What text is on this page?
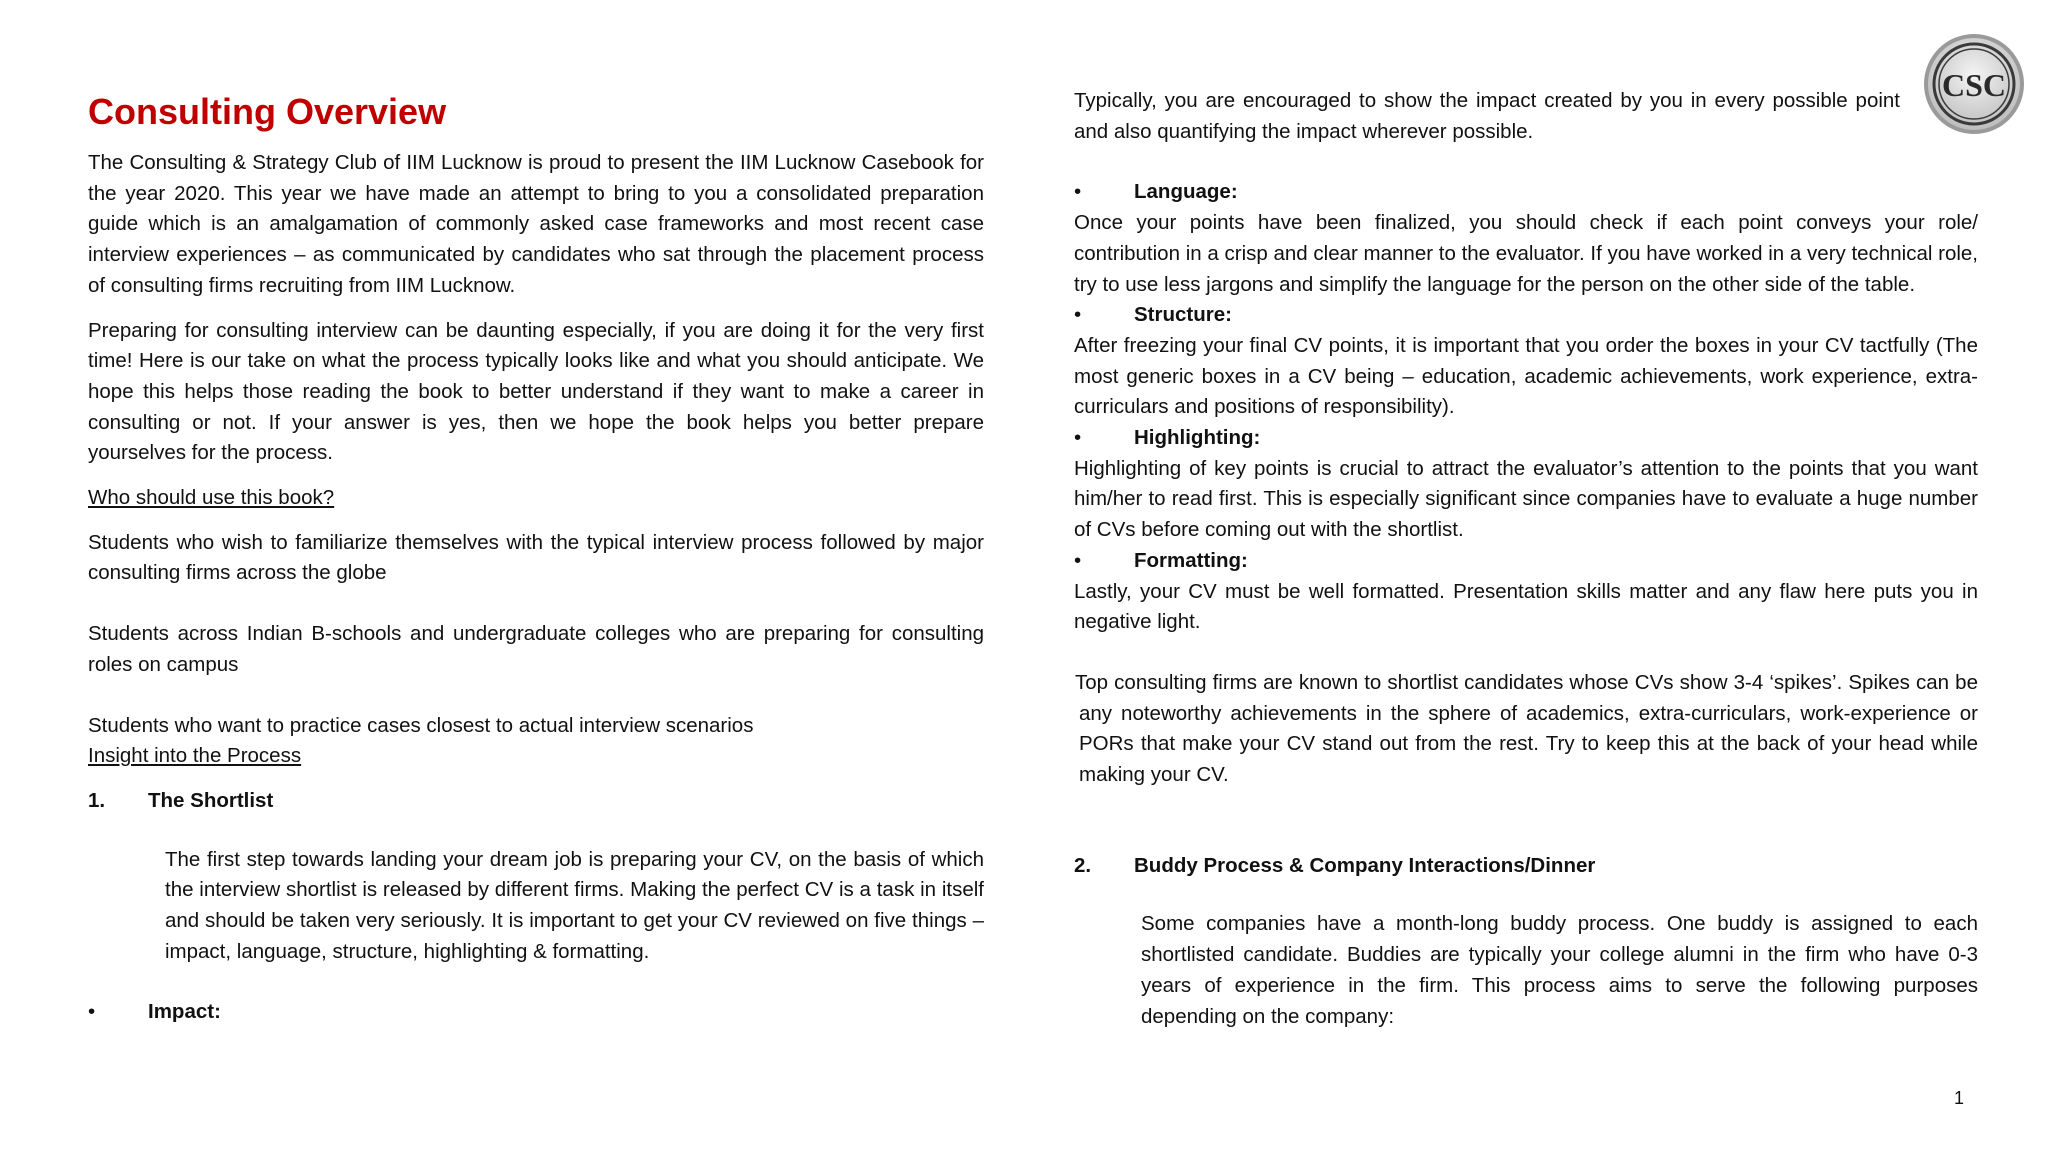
Consulting Overview

The Consulting & Strategy Club of IIM Lucknow is proud to present the IIM Lucknow Casebook for the year 2020. This year we have made an attempt to bring to you a consolidated preparation guide which is an amalgamation of commonly asked case frameworks and most recent case interview experiences – as communicated by candidates who sat through the placement process of consulting firms recruiting from IIM Lucknow.

Preparing for consulting interview can be daunting especially, if you are doing it for the very first time! Here is our take on what the process typically looks like and what you should anticipate. We hope this helps those reading the book to better understand if they want to make a career in consulting or not. If your answer is yes, then we hope the book helps you better prepare yourselves for the process.

Who should use this book?

Students who wish to familiarize themselves with the typical interview process followed by major consulting firms across the globe

Students across Indian B-schools and undergraduate colleges who are preparing for consulting roles on campus

Students who want to practice cases closest to actual interview scenarios

Insight into the Process

1.	The Shortlist

The first step towards landing your dream job is preparing your CV, on the basis of which the interview shortlist is released by different firms. Making the perfect CV is a task in itself and should be taken very seriously. It is important to get your CV reviewed on five things – impact, language, structure, highlighting & formatting.

•	Impact:

Typically, you are encouraged to show the impact created by you in every possible point and also quantifying the impact wherever possible.

•	Language:

Once your points have been finalized, you should check if each point conveys your role/ contribution in a crisp and clear manner to the evaluator. If you have worked in a very technical role, try to use less jargons and simplify the language for the person on the other side of the table.

•	Structure:

After freezing your final CV points, it is important that you order the boxes in your CV tactfully (The most generic boxes in a CV being – education, academic achievements, work experience, extra-curriculars and positions of responsibility).

•	Highlighting:

Highlighting of key points is crucial to attract the evaluator’s attention to the points that you want him/her to read first. This is especially significant since companies have to evaluate a huge number of CVs before coming out with the shortlist.

•	Formatting:

Lastly, your CV must be well formatted. Presentation skills matter and any flaw here puts you in negative light.

Top consulting firms are known to shortlist candidates whose CVs show 3-4 ‘spikes’. Spikes can be any noteworthy achievements in the sphere of academics, extra-curriculars, work-experience or PORs that make your CV stand out from the rest. Try to keep this at the back of your head while making your CV.

2.	Buddy Process & Company Interactions/Dinner

Some companies have a month-long buddy process. One buddy is assigned to each shortlisted candidate. Buddies are typically your college alumni in the firm who have 0-3 years of experience in the firm. This process aims to serve the following purposes depending on the company:

CSC
1
